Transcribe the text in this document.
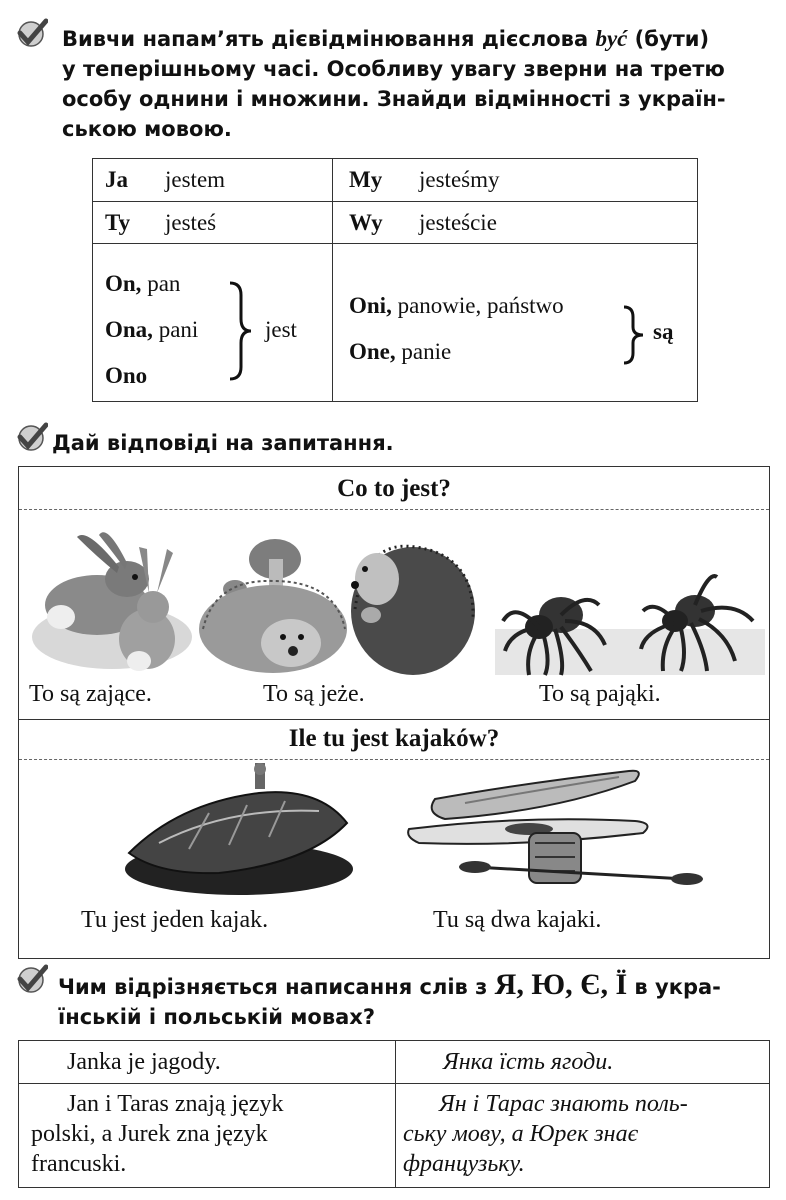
Вивчи напам’ять дієвідмінювання дієслова być (бути)
у теперішньому часі. Особливу увагу зверни на третю
особу однини і множини. Знайди відмінності з україн-
ською мовою.
Ja jestem	My jesteśmy
Ty jesteś	Wy jesteście
On, pan
Ona, pani
Ono
jest
Oni, panowie, państwo
One, panie
są
Дай відповіді на запитання.
Co to jest?
To są zające.	To są jeże.	To są pająki.
Ile tu jest kajaków?
Tu jest jeden kajak.	Tu są dwa kajaki.
Чим відрізняється написання слів з Я, Ю, Є, Ї в укра-
їнській і польській мовах?
Janka je jagody.	Янка їсть ягоди.
Jan i Taras znają język
polski, a Jurek zna język
francuski.
Ян і Тарас знають поль-
ську мову, а Юрек знає
французьку.
